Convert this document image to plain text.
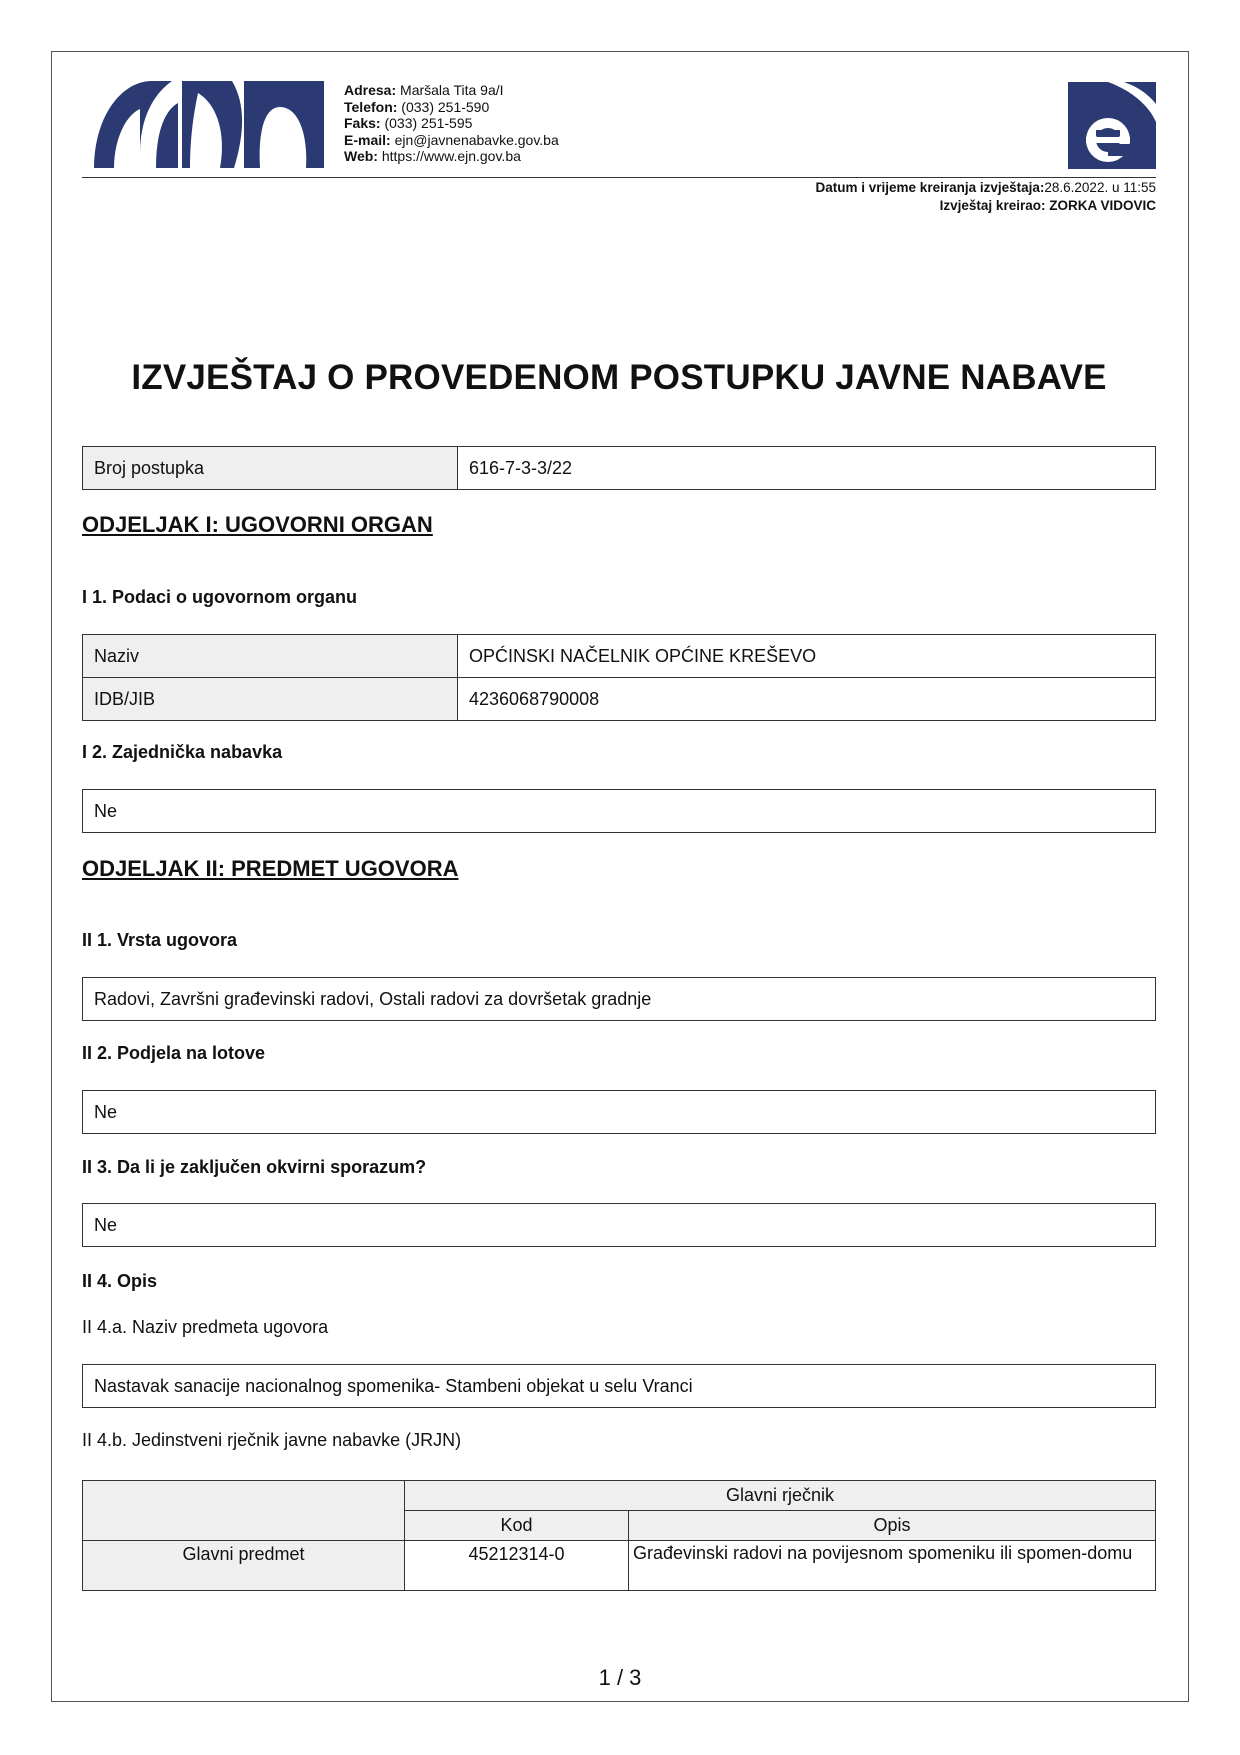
Adresa: Maršala Tita 9a/I
Telefon: (033) 251-590
Faks: (033) 251-595
E-mail: ejn@javnenabavke.gov.ba
Web: https://www.ejn.gov.ba
Datum i vrijeme kreiranja izvještaja:28.6.2022. u 11:55
Izvještaj kreirao: ZORKA VIDOVIC
IZVJEŠTAJ O PROVEDENOM POSTUPKU JAVNE NABAVE
Broj postupka	616-7-3-3/22
ODJELJAK I: UGOVORNI ORGAN
I 1. Podaci o ugovornom organu
Naziv	OPĆINSKI NAČELNIK OPĆINE KREŠEVO
IDB/JIB	4236068790008
I 2. Zajednička nabavka
Ne
ODJELJAK II: PREDMET UGOVORA
II 1. Vrsta ugovora
Radovi, Završni građevinski radovi, Ostali radovi za dovršetak gradnje
II 2. Podjela na lotove
Ne
II 3. Da li je zaključen okvirni sporazum?
Ne
II 4. Opis
II 4.a. Naziv predmeta ugovora
Nastavak sanacije nacionalnog spomenika- Stambeni objekat u selu Vranci
II 4.b. Jedinstveni rječnik javne nabavke (JRJN)
	Glavni rječnik	
	Kod	Opis
Glavni predmet	45212314-0	Građevinski radovi na povijesnom spomeniku ili spomen-domu
1 / 3
